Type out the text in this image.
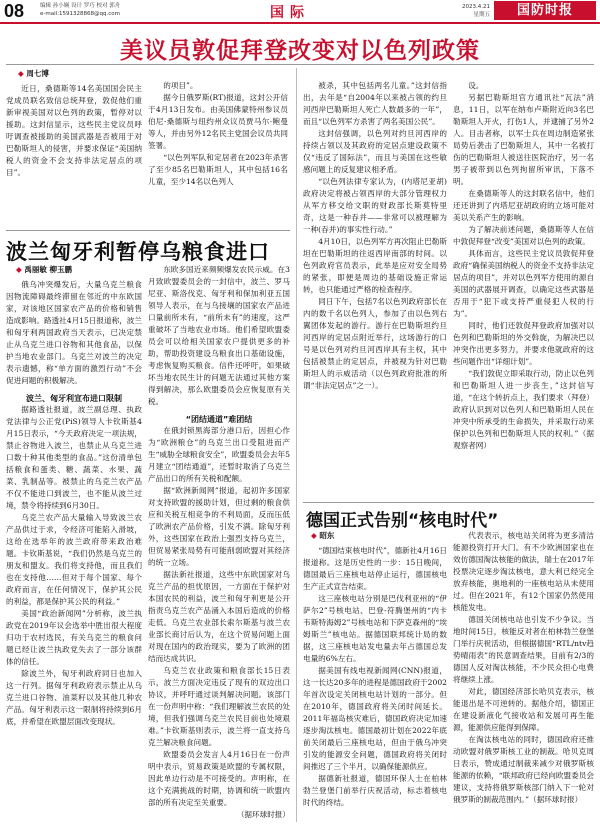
08	编辑 孙小娴 设计 罗巧 校对 郭舟
e-mail:1591328868@qq.com	国际	2023.4.21
星期五	国防时报
美议员敦促拜登改变对以色列政策
◆ 周七博

近日，桑德斯等14名美国国会民主党成员联名致信总统拜登，敦促他们重新审视美国对以色列的政策，暂停对以援助。这封信显示，这些民主党议员呼吁调查被援助的美国武器是否被用于对巴勒斯坦人的侵害，并要求保证“美国纳税人的资金不会支持非法定居点的项目”。

的项目”。

据今日俄罗斯(RT)报道，这封公开信于4月13日发布。由美国佛蒙特州参议员伯尼·桑德斯与纽约州众议员贾马尔·鲍曼等人，并由另外12名民主党国会议员共同签署。

“以色列军队和定居者在2023年杀害了至少85名巴勒斯坦人，其中包括16名儿童，至少14名以色列人

被杀，其中包括两名儿童。”这封信指出，去年是“自2004年以来被占领的约旦河西岸巴勒斯坦人死亡人数最多的一年”，而且“以色列军方杀害了两名美国公民”。

这封信强调，以色列对约旦河西岸的持续占领以及其政府的定居点建设政策不仅“违反了国际法”，而且与美国在这些敏感问题上的反复建议相矛盾。

“以色列法律专家认为，(内塔尼亚胡)政府决定将被占领西岸的大部分管理权力从军方移交给文职的财政部长斯莫特里奇，这是一种吞并——非常可以被理解为一种(吞并)的事实性行动。”

4月10日，以色列军方再次阻止巴勒斯坦在巴勒斯坦的往返西岸南部的时间。以色列政府官员表示，此举是应对安全局势的紧张，即便是周边的基础设施正常运转，也只能通过严格的检查程序。

同日下午，包括7名以色列政府部长在内的数千名以色列人，参加了由以色列右翼团体发起的游行。游行在巴勒斯坦约旦河西岸的定居点附近举行，这场游行的口号是以色列对约旦河西岸具有主权，其中包括被禁止的定居点，并被视为针对巴勒斯坦人的示威活动（以色列政府批准的所谓“非法定居点”之一）。

设。

另据巴勒斯坦官方通讯社“瓦法”消息，11日，以军在纳布卢斯附近向3名巴勒斯坦人开火，打伤1人，并逮捕了另外2人。目击者称，以军士兵在周边制造紧张局势后袭击了巴勒斯坦人，其中一名被打伤的巴勒斯坦人被送往医院治疗，另一名男子被带到以色列拘留所审讯，下落不明。

在桑德斯等人的这封联名信中，他们还还讲到了内塔尼亚胡政府的立场可能对美以关系产生的影响。

为了解决前述问题，桑德斯等人在信中敦促拜登“改变”美国对以色列的政策。

具体而言，这些民主党议员敦促拜登政府“确保美国纳税人的资金不支持非法定居点的项目”，并对以色列军方使用的源自美国的武器展开调查，以确定这些武器是否用于“犯下或支持严重侵犯人权的行为”。

同时，他们还敦促拜登政府加强对以色列和巴勒斯坦的外交斡旋，为解决巴以冲突作出更多努力，并要求他就政府的这些问题作出“详细计划”。

“我们敦促立即采取行动，防止以色列和巴勒斯坦人进一步丧生，”这封信写道，“在这个转折点上，我们要求（拜登）政府认识到对以色列人和巴勒斯坦人民在冲突中所承受的生命损失，并采取行动来保护以色列和巴勒斯坦人民的权利。”（据观察者网）

波兰匈牙利暂停乌粮食进口
◆ 禹丽敏 柳玉鹏

俄乌冲突爆发后，大量乌克兰粮食因物流障碍最终滞留在邻近的中东欧国家，对该地区国家农产品的价格和销售造成影响。路透社4月15日报道称，波兰和匈牙利两国政府当天表示，已决定禁止从乌克兰进口谷物和其他食品，以保护当地农业部门。乌克兰对波兰的决定表示遗憾，称“单方面的激烈行动”不会促进问题的积极解决。

波兰、匈牙利宣布进口限制

据路透社报道，波兰副总理、执政党法律与公正党(PiS)领导人卡钦斯基4月15日表示，“今天政府决定一项法规，禁止谷物进入波兰，也禁止从乌克兰进口数十种其他类型的食品。”这份清单包括粮食和蛋类、糖、蔬菜、水果、蔬菜、乳制品等。被禁止的乌克兰农产品不仅不能进口到波兰，也不能从波兰过境，禁令将持续到6月30日。

乌克兰农产品大量输入导致波兰农产品供过于求，令经济可能陷入滑坡，这给在选举年的波兰政府带来政治难题。卡钦斯基说，“我们仍然是乌克兰的朋友和盟友。我们将支持他，而且我们也在支持他……但对于每个国家、每个政府而言，在任何情况下，保护其公民的利益，都是保护其公民的利益。”

美国“政治新闻网”分析称，波兰执政党在2019年议会选举中胜出很大程度归功于农村选民，有关乌克兰的粮食问题已经让波兰执政党失去了一部分该群体的信任。

除波兰外，匈牙利政府同日也加入这一行列。据匈牙利政府表示禁止从乌克兰进口谷物、油菜籽以及其他几种农产品。匈牙利表示这一限制将持续到6月底，并希望在欧盟层面改变现状。

东欧多国近来频频爆发农民示威。在3月致欧盟委员会的一封信中，波兰、罗马尼亚、斯洛伐克、匈牙利和保加利亚五国领导人表示，在与乌接壤的国家农产品进口量前所未有，“前所未有”的速度，这严重破坏了当地农业市场。他们希望欧盟委员会可以给相关国家农户提供更多的补助，帮助投资建设乌粮食出口基础设施，考虑恢复购买粮食。信件还呼吁，如果破坏当地农民生计的问题无法通过其他方案得到解决，那么欧盟委员会应恢复原有关税。

“团结通道”难团结

在俄封锁黑海部分港口后，因担心作为“欧洲粮仓”的乌克兰出口受阻进而产生“威胁全球粮食安全”，欧盟委员会去年5月建立“团结通道”，还暂时取消了乌克兰产品出口的所有关税和配额。

据“欧洲新闻网”报道，起初许多国家对支持欧盟的援助计划，但过剩的粮食供应和关税互相竞争的不利局面，反而压低了欧洲农产品价格，引发不满。除匈牙利外，这些国家在政治上强烈支持乌克兰，但贸易紧张局势有可能削弱欧盟对其经济的统一立场。

据法新社报道，这些中东欧国家对乌克兰产品的担忧原因，一方面在于保护对本国农民的利益，波兰和匈牙利更是公开指责乌克兰农产品涌入本国后造成的价格走低。乌克兰农业部长索尔斯基与波兰农业部长商讨后认为，在这个贸易问题上面对现在国内的政治现实，要为了欧洲的团结而达成共识。

乌克兰农业政策和粮食部长15日表示，波兰方面决定违反了现有的双边出口协议，并呼吁通过谈判解决问题。该部门在一份声明中称：“我们理解波兰农民的处境，但我们强调乌克兰农民目前也处境艰难。”卡钦斯基则表示，波兰将一直支持乌克兰解决粮食问题。

欧盟委员会发言人4月16日在一份声明中表示，贸易政策是欧盟的专属权限，因此单边行动是不可接受的。声明称，在这个充满挑战的时期，协调和统一欧盟内部的所有决定至关重要。

（据环球时报）

德国正式告别“核电时代”
◆ 昭东

“德国结束核电时代”，德新社4月16日报道称。这是历史性的一步：15日晚间，德国最后三座核电站停止运行，德国核电生产正式宣告结束。

这三座核电站分别是巴伐利亚州的“伊萨尔2”号核电站、巴登-符腾堡州的“内卡韦斯特海姆2”号核电站和下萨克森州的“埃姆斯兰”核电站。据德国联邦统计局的数据，这三座核电站发电量去年占德国总发电量的6%左右。

据美国有线电视新闻网(CNN)报道，这一长达20多年的进程是德国政府于2002年首次设定关闭核电站计划的一部分。但在2010年，德国政府将关闭时间延长。2011年福岛核灾难后，德国政府决定加速逐步淘汰核电。德国最初计划在2022年底前关闭最后三座核电站，但由于俄乌冲突引发的能源安全问题，德国政府将关闭时间推迟了三个半月，以确保能源供应。

据德新社报道，德国环保人士在柏林勃兰登堡门前举行庆祝活动，标志着核电时代的终结。

代表表示，核电站关闭将为更多清洁能源投资打开大门。有不少欧洲国家也在效仿德国淘汰核能的做法，瑞士在2017年投票决定逐步淘汰核电，意大利已经完全放弃核能，奥地利的一座核电站从未使用过。但在2021年，有12个国家仍然使用核能发电。

德国关闭核电站也引发不少争议。当地时间15日，核能反对者在柏林勃兰登堡门举行庆祝活动，但根据德国“RTL/ntv趋势晴雨表”的民意调查结果，目前有2/3的德国人反对淘汰核能，不少民众担心电费将继续上涨。

对此，德国经济部长哈贝克表示，核能退出是不可逆转的。据他介绍，德国正在建设新液化气接收站和发展可再生能源，能源供应能得到保障。

在淘汰核电站的同时，德国政府还推动欧盟对俄罗斯核工业的制裁。哈贝克周日表示，赞成通过制裁来减少对俄罗斯核能源的依赖，“联邦政府已经向欧盟委员会建议，支持将俄罗斯核部门纳入下一轮对俄罗斯的制裁范围内。”（据环球时报）
